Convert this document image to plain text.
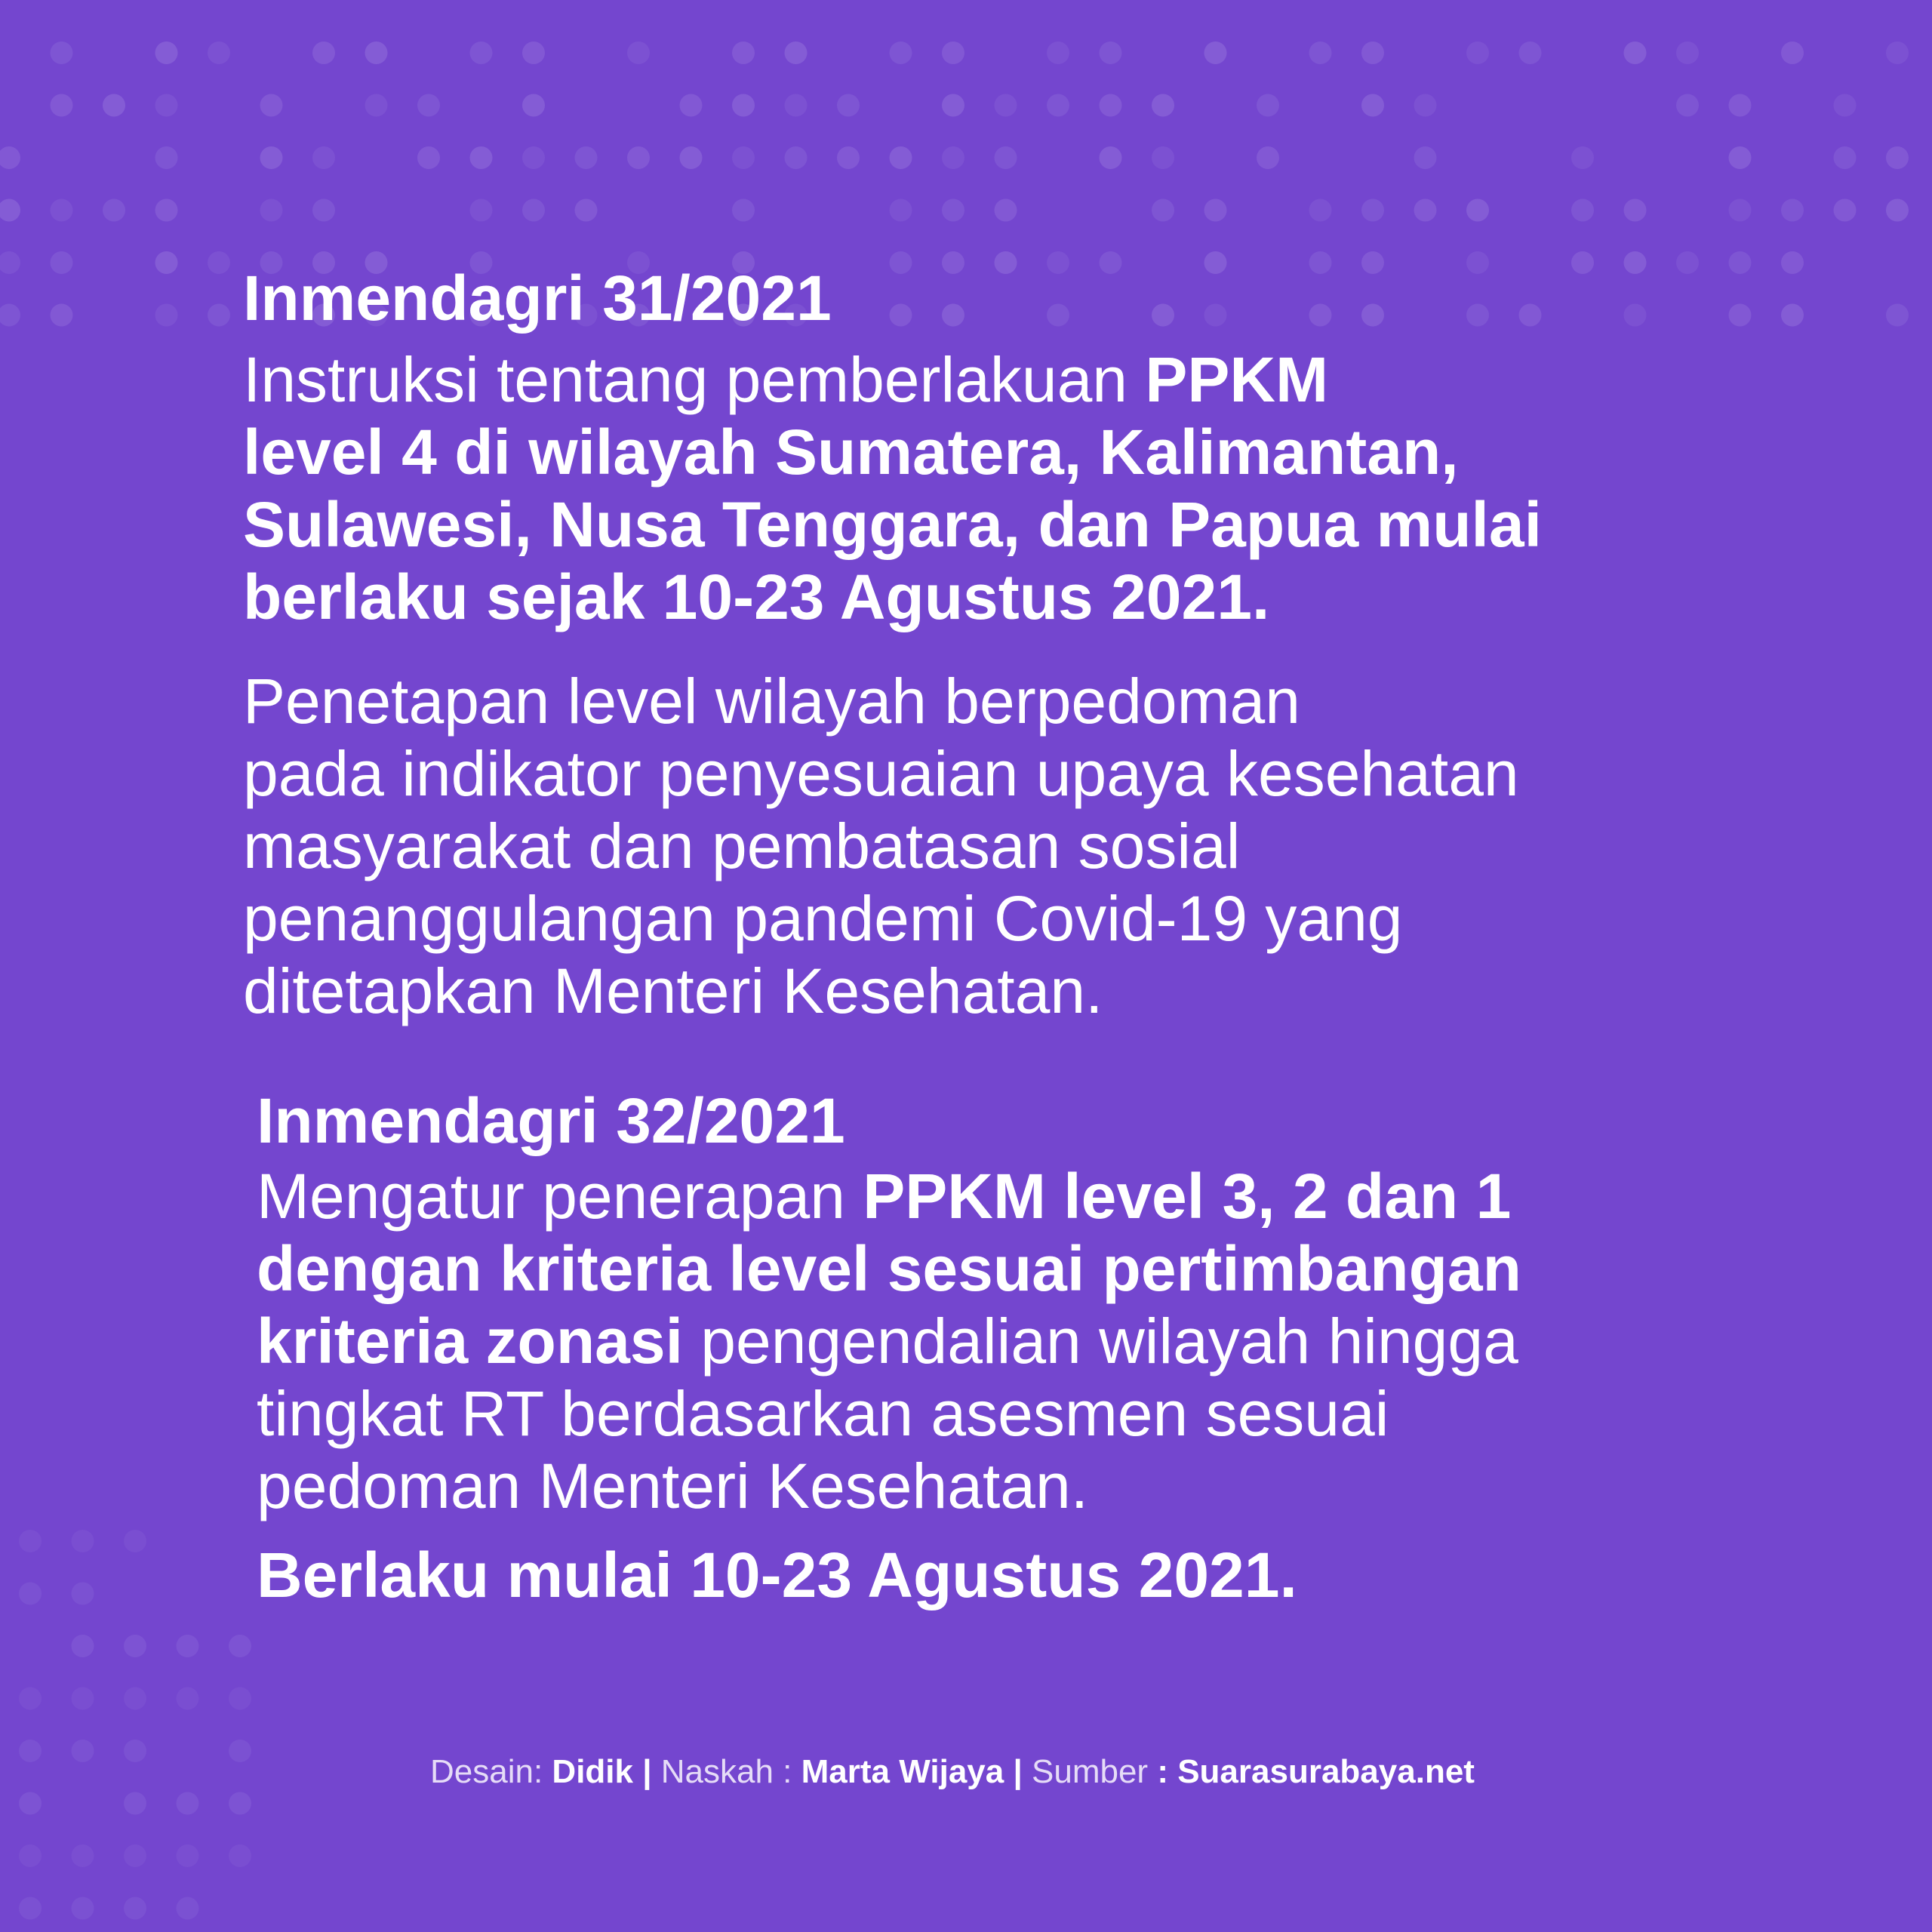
Inmendagri 31/2021
Instruksi tentang pemberlakuan PPKM
level 4 di wilayah Sumatera, Kalimantan,
Sulawesi, Nusa Tenggara, dan Papua mulai
berlaku sejak 10-23 Agustus 2021.
Penetapan level wilayah berpedoman
pada indikator penyesuaian upaya kesehatan
masyarakat dan pembatasan sosial
penanggulangan pandemi Covid-19 yang
ditetapkan Menteri Kesehatan.
Inmendagri 32/2021
Mengatur penerapan PPKM level 3, 2 dan 1
dengan kriteria level sesuai pertimbangan
kriteria zonasi pengendalian wilayah hingga
tingkat RT berdasarkan asesmen sesuai
pedoman Menteri Kesehatan.
Berlaku mulai 10-23 Agustus 2021.
Desain: Didik | Naskah : Marta Wijaya | Sumber : Suarasurabaya.net
